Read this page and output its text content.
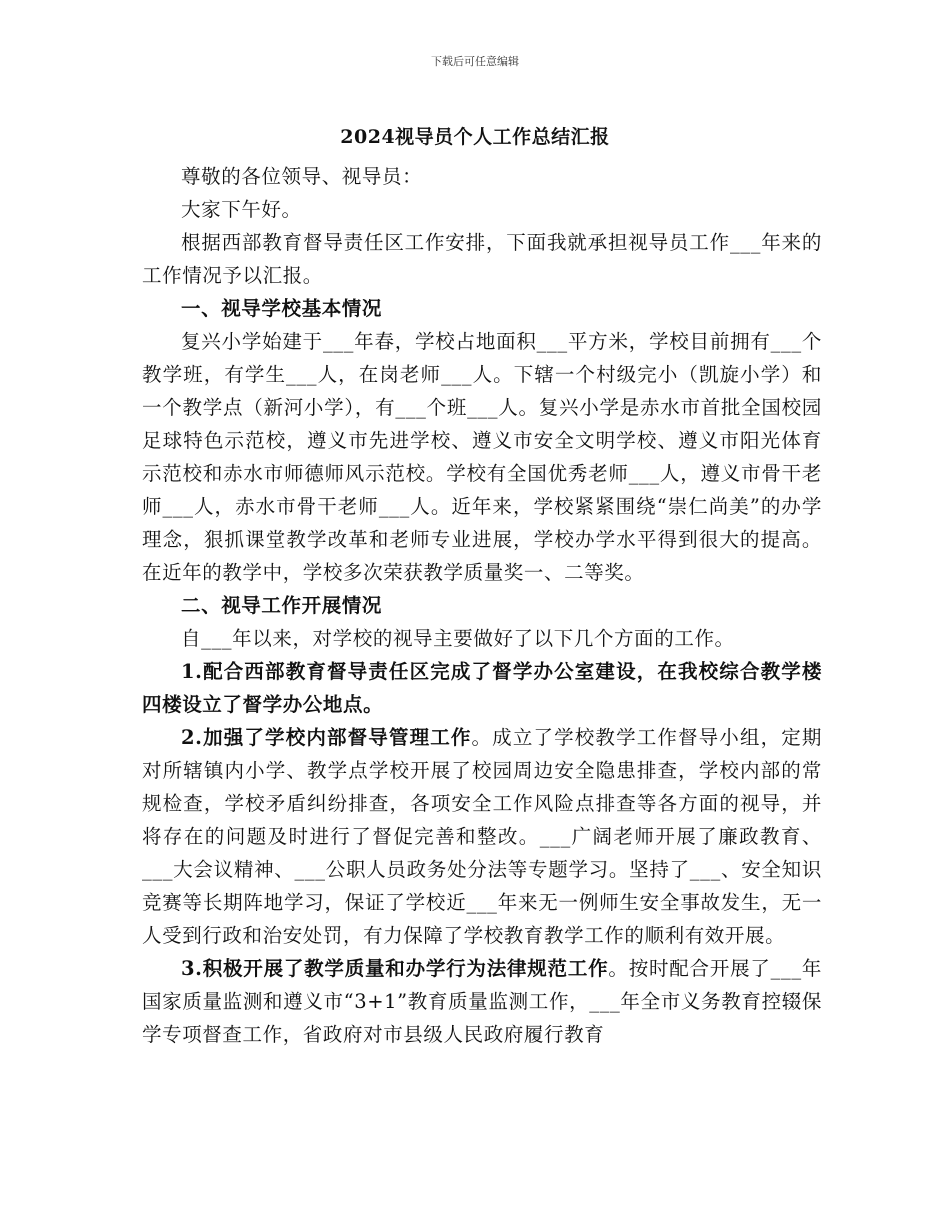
下载后可任意编辑
2024视导员个人工作总结汇报

尊敬的各位领导、视导员：

大家下午好。

根据西部教育督导责任区工作安排，下面我就承担视导员工作___年来的工作情况予以汇报。

一、视导学校基本情况

复兴小学始建于___年春，学校占地面积___平方米，学校目前拥有___个教学班，有学生___人，在岗老师___人。下辖一个村级完小（凯旋小学）和一个教学点（新河小学），有___个班___人。复兴小学是赤水市首批全国校园足球特色示范校，遵义市先进学校、遵义市安全文明学校、遵义市阳光体育示范校和赤水市师德师风示范校。学校有全国优秀老师___人，遵义市骨干老师___人，赤水市骨干老师___人。近年来，学校紧紧围绕“崇仁尚美”的办学理念，狠抓课堂教学改革和老师专业进展，学校办学水平得到很大的提高。在近年的教学中，学校多次荣获教学质量奖一、二等奖。

二、视导工作开展情况

自___年以来，对学校的视导主要做好了以下几个方面的工作。

1.配合西部教育督导责任区完成了督学办公室建设，在我校综合教学楼四楼设立了督学办公地点。

2.加强了学校内部督导管理工作。成立了学校教学工作督导小组，定期对所辖镇内小学、教学点学校开展了校园周边安全隐患排查，学校内部的常规检查，学校矛盾纠纷排查，各项安全工作风险点排查等各方面的视导，并将存在的问题及时进行了督促完善和整改。___广阔老师开展了廉政教育、___大会议精神、___公职人员政务处分法等专题学习。坚持了___、安全知识竞赛等长期阵地学习，保证了学校近___年来无一例师生安全事故发生，无一人受到行政和治安处罚，有力保障了学校教育教学工作的顺利有效开展。

3.积极开展了教学质量和办学行为法律规范工作。按时配合开展了___年国家质量监测和遵义市“3+1”教育质量监测工作，___年全市义务教育控辍保学专项督查工作，省政府对市县级人民政府履行教育
